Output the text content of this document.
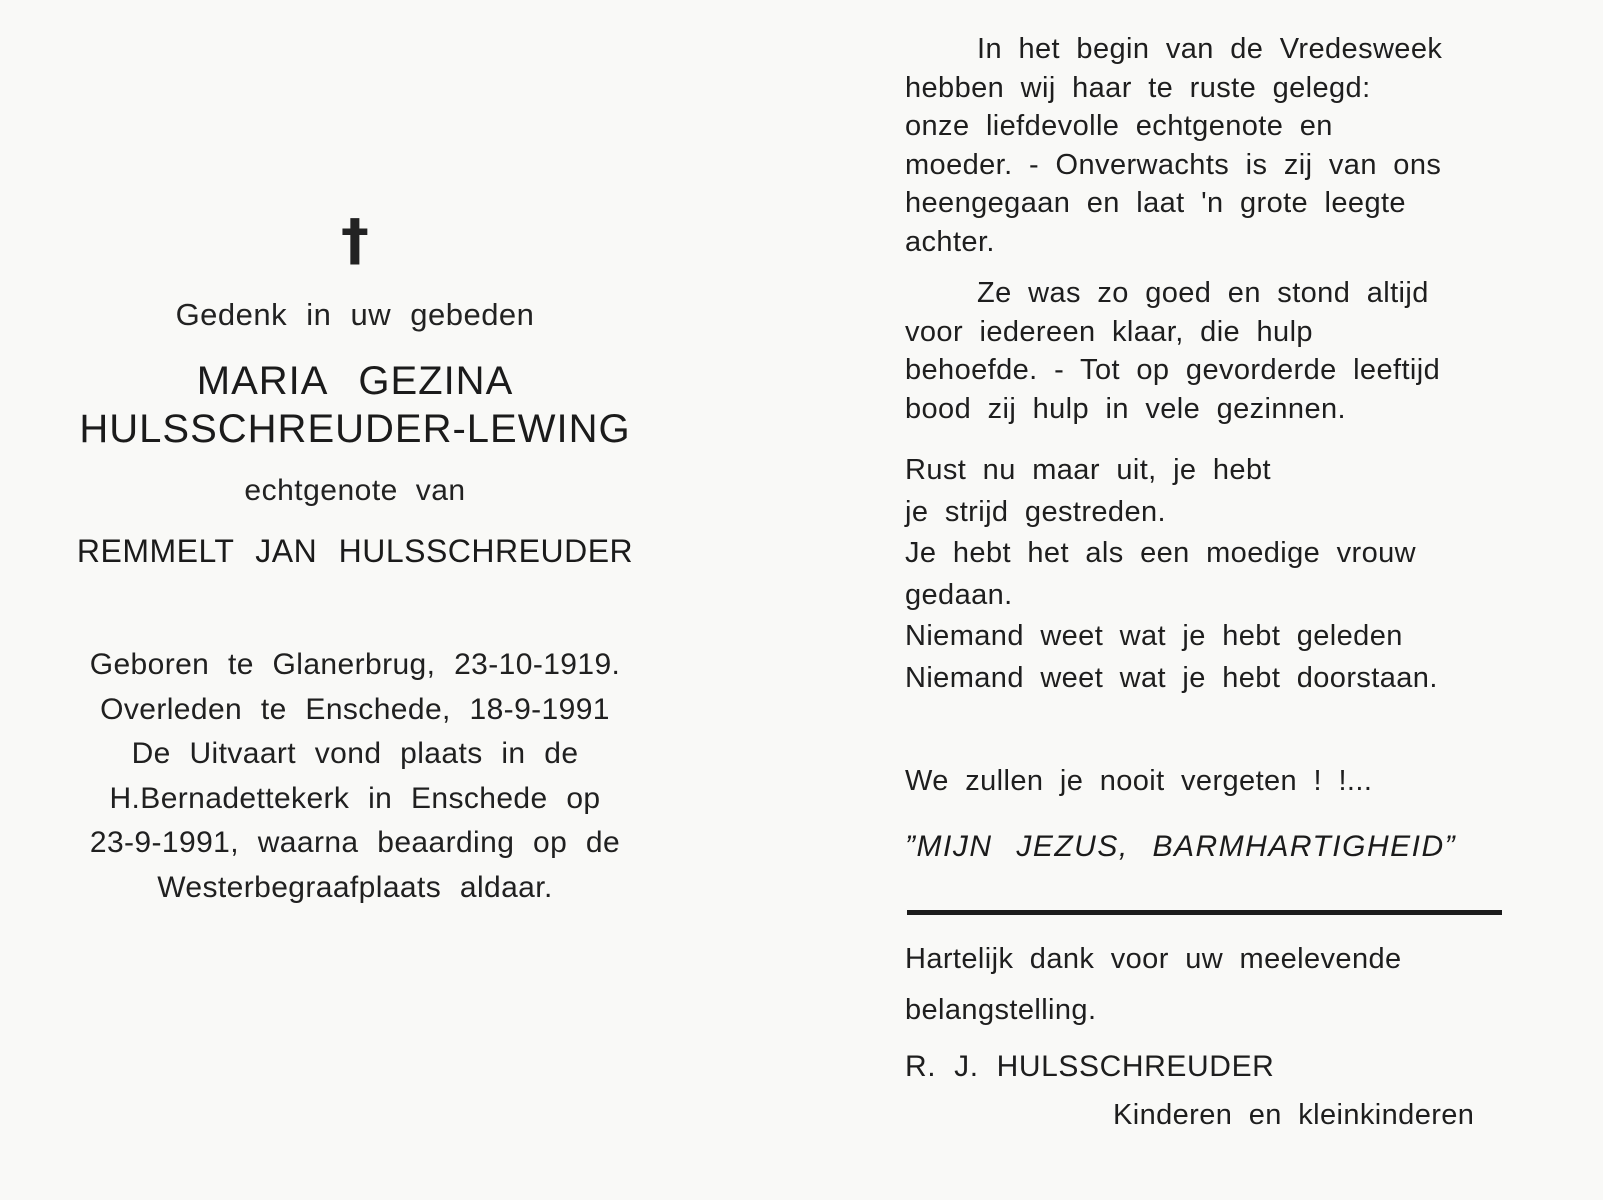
†
Gedenk in uw gebeden
MARIA GEZINA
HULSSCHREUDER-LEWING
echtgenote van
REMMELT JAN HULSSCHREUDER
Geboren te Glanerbrug, 23-10-1919.
Overleden te Enschede, 18-9-1991
De Uitvaart vond plaats in de
H.Bernadettekerk in Enschede op
23-9-1991, waarna beaarding op de
Westerbegraafplaats aldaar.
In het begin van de Vredesweek
hebben wij haar te ruste gelegd:
onze liefdevolle echtgenote en
moeder. - Onverwachts is zij van ons
heengegaan en laat 'n grote leegte
achter.
Ze was zo goed en stond altijd
voor iedereen klaar, die hulp
behoefde. - Tot op gevorderde leeftijd
bood zij hulp in vele gezinnen.
Rust nu maar uit, je hebt
je strijd gestreden.
Je hebt het als een moedige vrouw
gedaan.
Niemand weet wat je hebt geleden
Niemand weet wat je hebt doorstaan.
We zullen je nooit vergeten ! !...
”MIJN JEZUS, BARMHARTIGHEID”
Hartelijk dank voor uw meelevende
belangstelling.
R. J. HULSSCHREUDER
Kinderen en kleinkinderen
